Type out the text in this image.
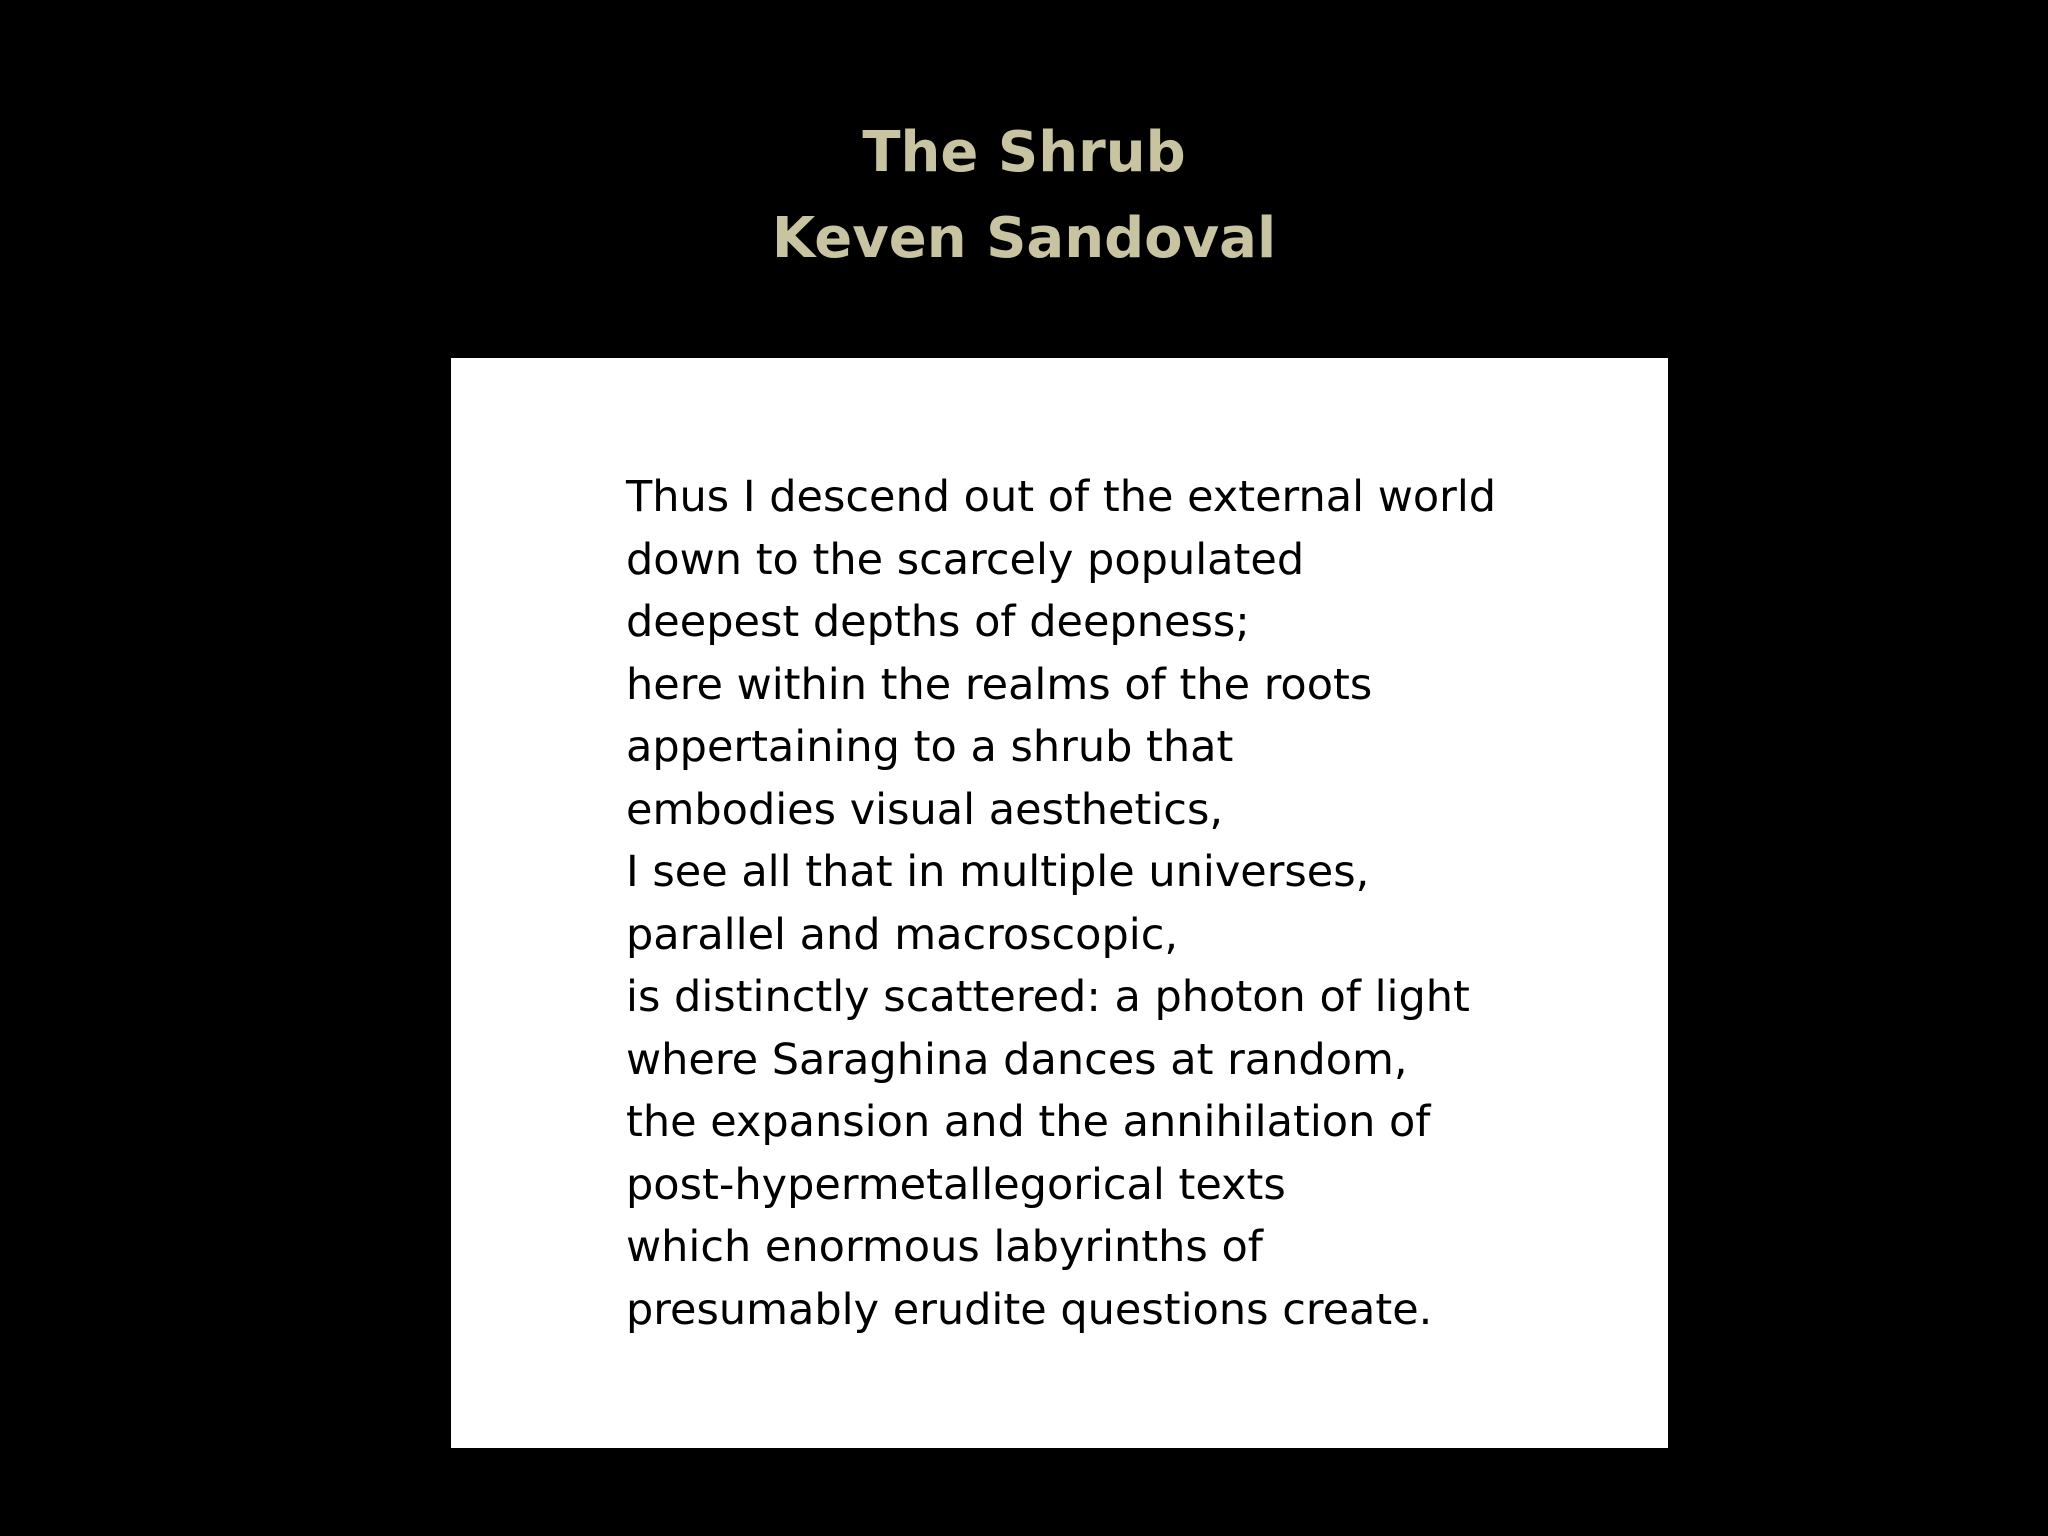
The Shrub
Keven Sandoval
Thus I descend out of the external world
down to the scarcely populated
deepest depths of deepness;
here within the realms of the roots
appertaining to a shrub that
embodies visual aesthetics,
I see all that in multiple universes,
parallel and macroscopic,
is distinctly scattered: a photon of light
where Saraghina dances at random,
the expansion and the annihilation of
post-hypermetallegorical texts
which enormous labyrinths of
presumably erudite questions create.
